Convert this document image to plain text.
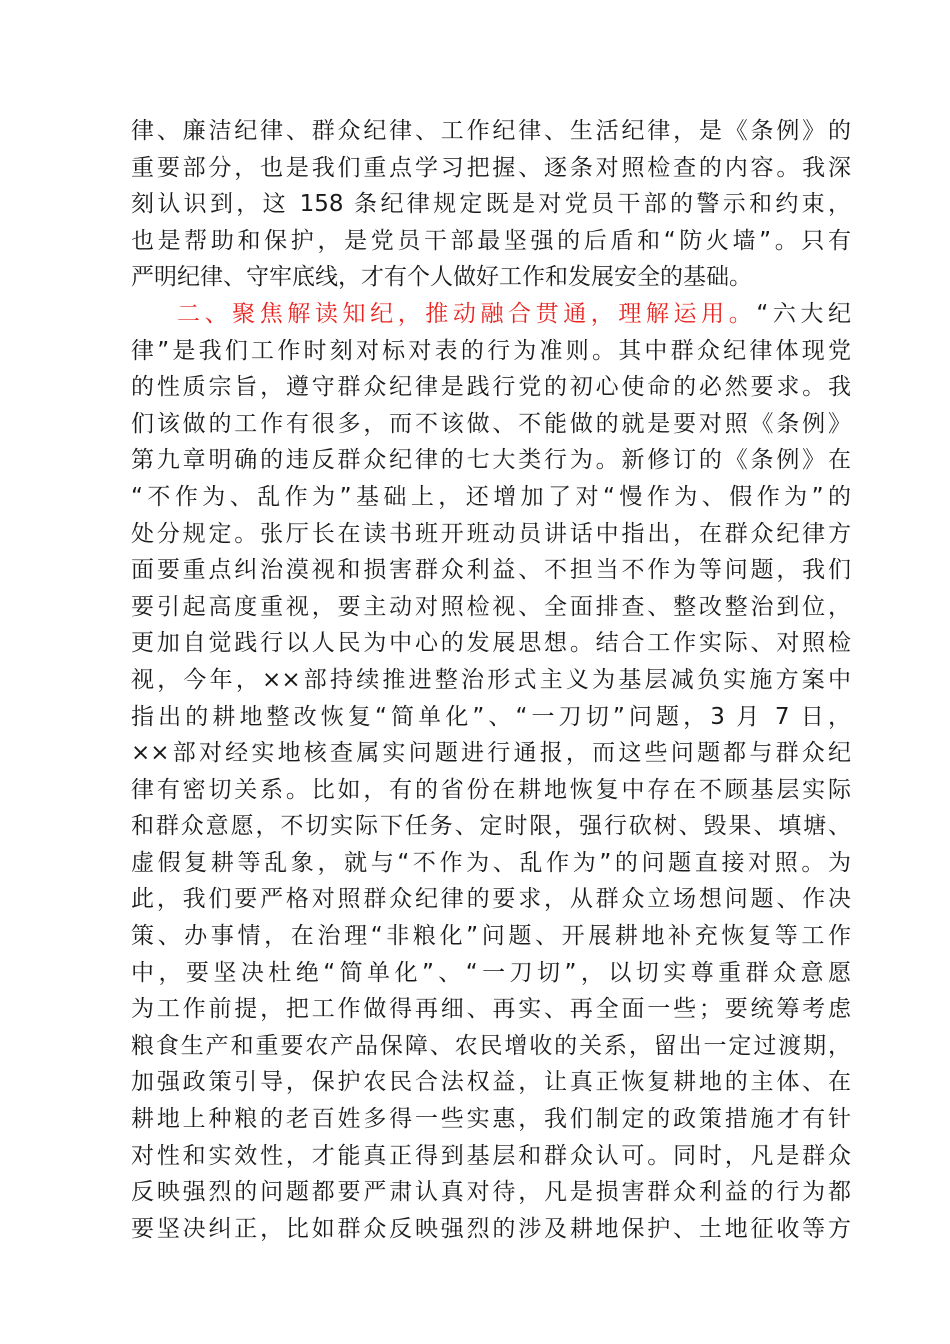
律、廉洁纪律、群众纪律、工作纪律、生活纪律，是《条例》的
重要部分，也是我们重点学习把握、逐条对照检查的内容。我深
刻认识到，这 158 条纪律规定既是对党员干部的警示和约束，
也是帮助和保护，是党员干部最坚强的后盾和“防火墙”。只有
严明纪律、守牢底线，才有个人做好工作和发展安全的基础。
二、聚焦解读知纪，推动融合贯通，理解运用。“六大纪
律”是我们工作时刻对标对表的行为准则。其中群众纪律体现党
的性质宗旨，遵守群众纪律是践行党的初心使命的必然要求。我
们该做的工作有很多，而不该做、不能做的就是要对照《条例》
第九章明确的违反群众纪律的七大类行为。新修订的《条例》在
“不作为、乱作为”基础上，还增加了对“慢作为、假作为”的
处分规定。张厅长在读书班开班动员讲话中指出，在群众纪律方
面要重点纠治漠视和损害群众利益、不担当不作为等问题，我们
要引起高度重视，要主动对照检视、全面排查、整改整治到位，
更加自觉践行以人民为中心的发展思想。结合工作实际、对照检
视，今年，××部持续推进整治形式主义为基层减负实施方案中
指出的耕地整改恢复“简单化”、“一刀切”问题，3 月 7 日，
××部对经实地核查属实问题进行通报，而这些问题都与群众纪
律有密切关系。比如，有的省份在耕地恢复中存在不顾基层实际
和群众意愿，不切实际下任务、定时限，强行砍树、毁果、填塘、
虚假复耕等乱象，就与“不作为、乱作为”的问题直接对照。为
此，我们要严格对照群众纪律的要求，从群众立场想问题、作决
策、办事情，在治理“非粮化”问题、开展耕地补充恢复等工作
中，要坚决杜绝“简单化”、“一刀切”，以切实尊重群众意愿
为工作前提，把工作做得再细、再实、再全面一些；要统筹考虑
粮食生产和重要农产品保障、农民增收的关系，留出一定过渡期，
加强政策引导，保护农民合法权益，让真正恢复耕地的主体、在
耕地上种粮的老百姓多得一些实惠，我们制定的政策措施才有针
对性和实效性，才能真正得到基层和群众认可。同时，凡是群众
反映强烈的问题都要严肃认真对待，凡是损害群众利益的行为都
要坚决纠正，比如群众反映强烈的涉及耕地保护、土地征收等方
